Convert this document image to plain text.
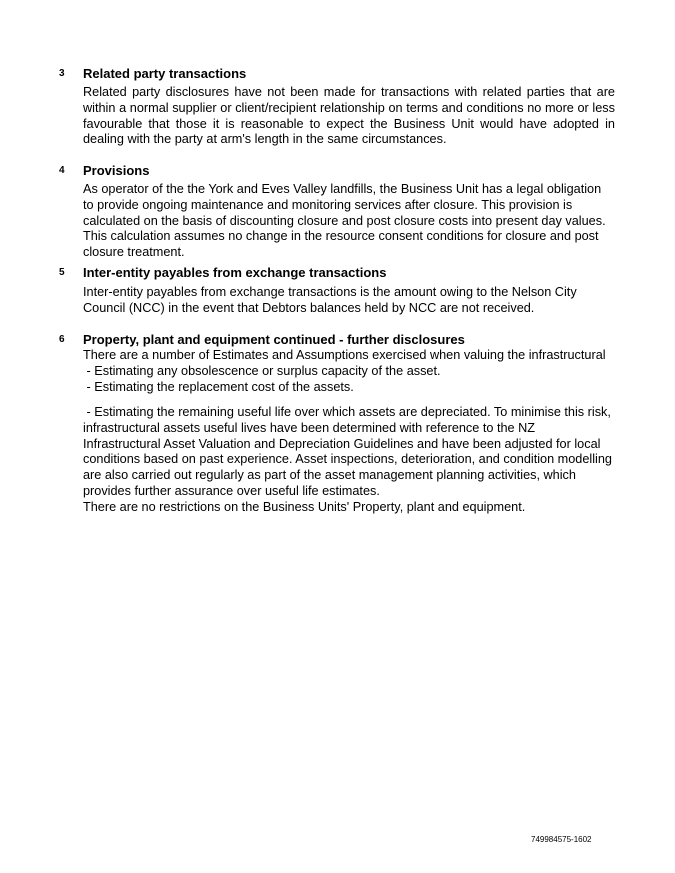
3 Related party transactions
Related party disclosures have not been made for transactions with related parties that are within a normal supplier or client/recipient relationship on terms and conditions no more or less favourable that those it is reasonable to expect the Business Unit would have adopted in dealing with the party at arm's length in the same circumstances.
4 Provisions
As operator of the the York and Eves Valley landfills, the Business Unit has a legal obligation
to provide ongoing maintenance and monitoring services after closure. This provision is
calculated on the basis of discounting closure and post closure costs into present day values.
This calculation assumes no change in the resource consent conditions for closure and post
closure treatment.
5 Inter-entity payables from exchange transactions
Inter-entity payables from exchange transactions is the amount owing to the Nelson City
Council (NCC) in the event that Debtors balances held by NCC are not received.
6 Property, plant and equipment continued - further disclosures
There are a number of Estimates and Assumptions exercised when valuing the infrastructural
- Estimating any obsolescence or surplus capacity of the asset.
- Estimating the replacement cost of the assets.
- Estimating the remaining useful life over which assets are depreciated. To minimise this risk,
infrastructural assets useful lives have been determined with reference to the NZ
Infrastructural Asset Valuation and Depreciation Guidelines and have been adjusted for local
conditions based on past experience. Asset inspections, deterioration, and condition modelling
are also carried out regularly as part of the asset management planning activities, which
provides further assurance over useful life estimates.
There are no restrictions on the Business Units' Property, plant and equipment.
749984575-1602
